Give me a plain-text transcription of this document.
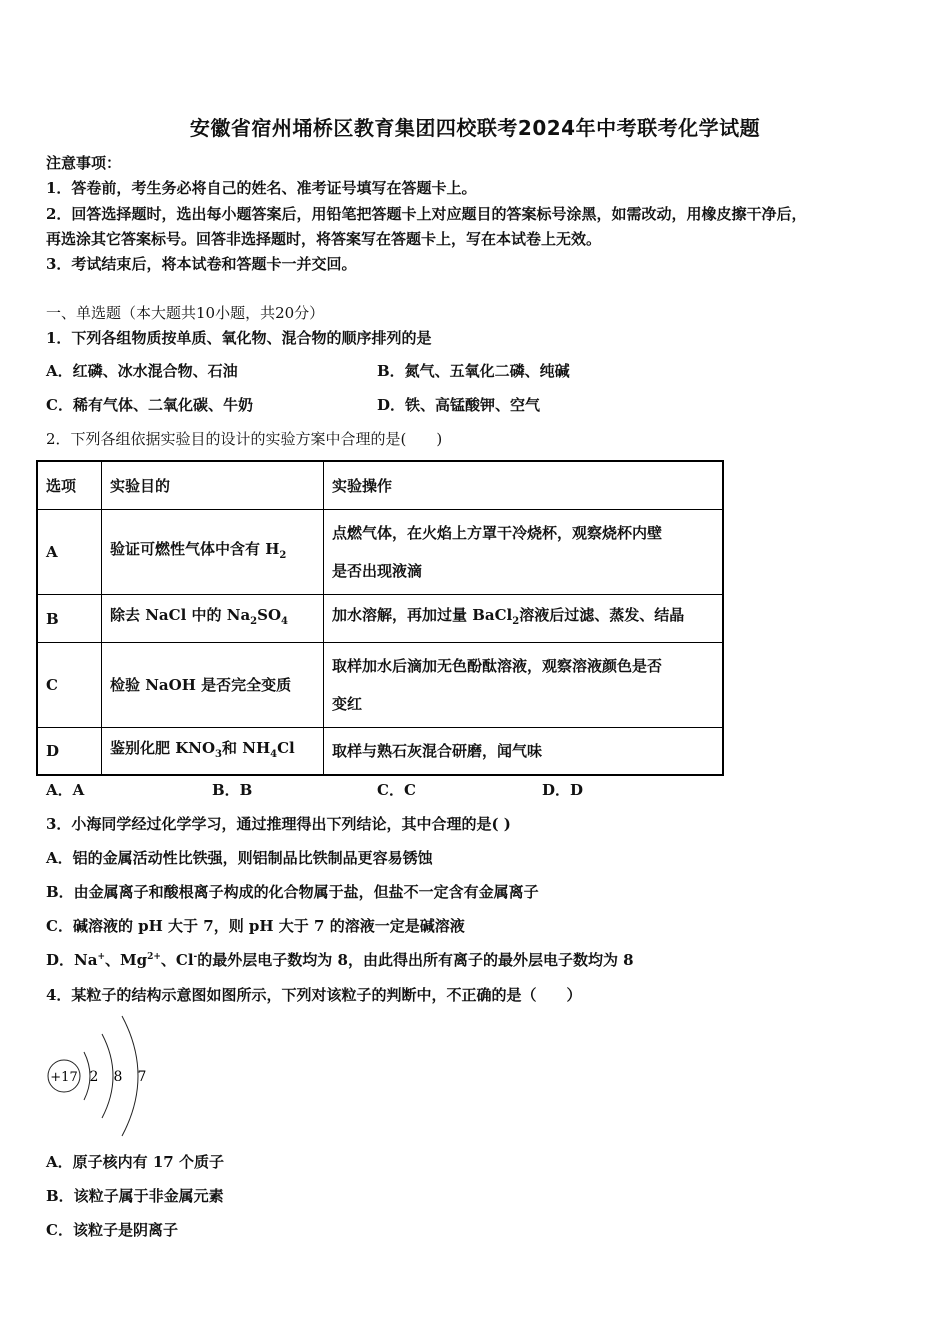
安徽省宿州埇桥区教育集团四校联考2024年中考联考化学试题
注意事项：
1．答卷前，考生务必将自己的姓名、准考证号填写在答题卡上。
2．回答选择题时，选出每小题答案后，用铅笔把答题卡上对应题目的答案标号涂黑，如需改动，用橡皮擦干净后，
再选涂其它答案标号。回答非选择题时，将答案写在答题卡上，写在本试卷上无效。
3．考试结束后，将本试卷和答题卡一并交回。
一、单选题（本大题共10小题，共20分）
1．下列各组物质按单质、氧化物、混合物的顺序排列的是
A．红磷、冰水混合物、石油	B．氮气、五氧化二磷、纯碱
C．稀有气体、二氧化碳、牛奶	D．铁、高锰酸钾、空气
2．下列各组依据实验目的设计的实验方案中合理的是(　　)
选项	实验目的	实验操作
A	验证可燃性气体中含有 $H_2$	点燃气体，在火焰上方罩干冷烧杯，观察烧杯内壁
是否出现液滴

B	除去 NaCl 中的 $Na_2SO_4$	加水溶解，再加过量 BaCl$_2$溶液后过滤、蒸发、结晶
C	检验 NaOH 是否完全变质	取样加水后滴加无色酚酞溶液，观察溶液颜色是否
变红

D	鉴别化肥 $KNO_3$和 $NH_4Cl$	取样与熟石灰混合研磨，闻气味
A．A	B．B	C．C	D．D
3．小海同学经过化学学习，通过推理得出下列结论，其中合理的是( )
A．铝的金属活动性比铁强，则铝制品比铁制品更容易锈蚀
B．由金属离子和酸根离子构成的化合物属于盐，但盐不一定含有金属离子
C．碱溶液的 pH 大于 7，则 pH 大于 7 的溶液一定是碱溶液
D．Na+、$Mg^{2+}$、Cl-的最外层电子数均为 8，由此得出所有离子的最外层电子数均为 8
4．某粒子的结构示意图如图所示，下列对该粒子的判断中，不正确的是（　　）
+17 2 8 7
A．原子核内有 17 个质子
B．该粒子属于非金属元素
C．该粒子是阴离子
